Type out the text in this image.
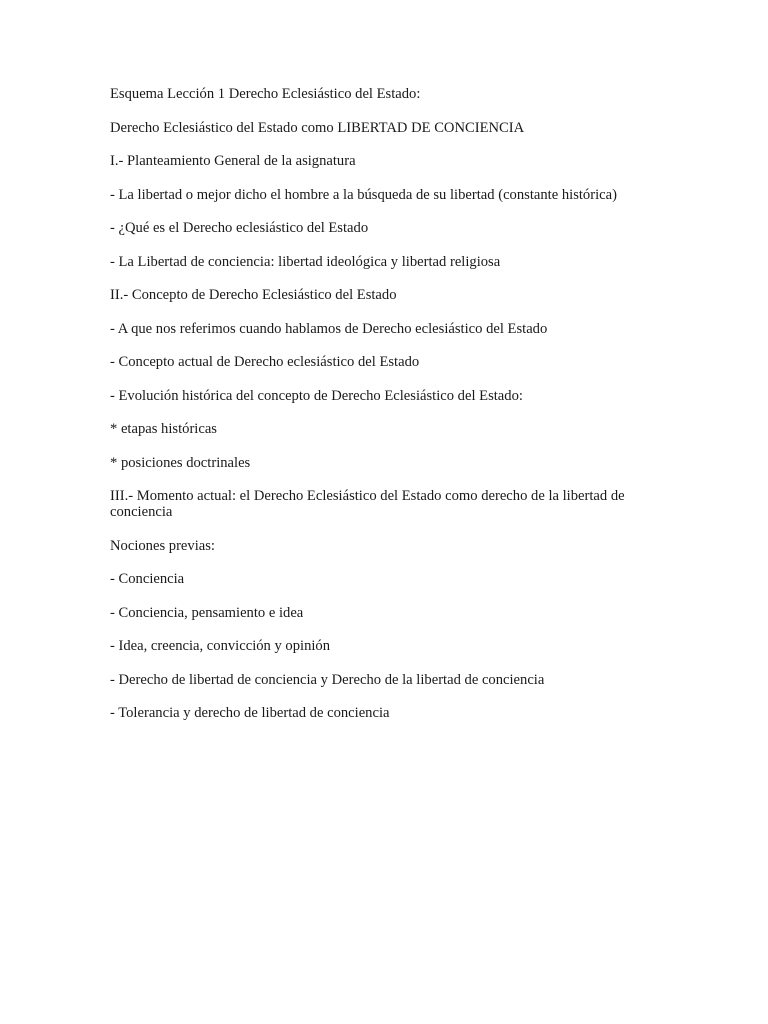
Esquema Lección 1 Derecho Eclesiástico del Estado:

Derecho Eclesiástico del Estado como LIBERTAD DE CONCIENCIA

I.- Planteamiento General de la asignatura

- La libertad o mejor dicho el hombre a la búsqueda de su libertad (constante histórica)

- ¿Qué es el Derecho eclesiástico del Estado

- La Libertad de conciencia: libertad ideológica y libertad religiosa

II.- Concepto de Derecho Eclesiástico del Estado

- A que nos referimos cuando hablamos de Derecho eclesiástico del Estado

- Concepto actual de Derecho eclesiástico del Estado

- Evolución histórica del concepto de Derecho Eclesiástico del Estado:

* etapas históricas

* posiciones doctrinales

III.- Momento actual: el Derecho Eclesiástico del Estado como derecho de la libertad de conciencia

Nociones previas:

- Conciencia

- Conciencia, pensamiento e idea

- Idea, creencia, convicción y opinión

- Derecho de libertad de conciencia y Derecho de la libertad de conciencia

- Tolerancia y derecho de libertad de conciencia
